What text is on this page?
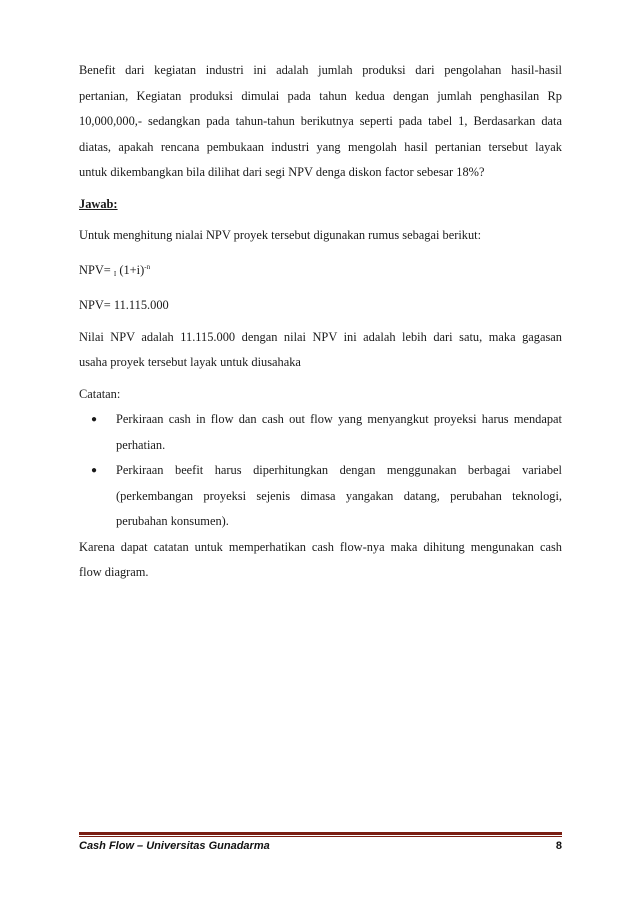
Benefit dari kegiatan industri ini adalah jumlah produksi dari pengolahan hasil-hasil
pertanian, Kegiatan produksi dimulai pada tahun kedua dengan jumlah penghasilan Rp
10,000,000,- sedangkan pada tahun-tahun berikutnya seperti pada tabel 1, Berdasarkan data
diatas, apakah rencana pembukaan industri yang mengolah hasil pertanian tersebut layak
untuk dikembangkan bila dilihat dari segi NPV denga diskon factor sebesar 18%?

Jawab:

Untuk menghitung nialai NPV proyek tersebut digunakan rumus sebagai berikut:

NPV= $_I$ $(1+i)^{-n}$

NPV= 11.115.000

Nilai NPV adalah 11.115.000 dengan nilai NPV ini adalah lebih dari satu, maka gagasan
usaha proyek tersebut layak untuk diusahaka

Catatan:

● Perkiraan cash in flow dan cash out flow yang menyangkut proyeksi harus mendapat
perhatian.
● Perkiraan beefit harus diperhitungkan dengan menggunakan berbagai variabel
(perkembangan proyeksi sejenis dimasa yangakan datang, perubahan teknologi,
perubahan konsumen).

Karena dapat catatan untuk memperhatikan cash flow-nya maka dihitung mengunakan cash
flow diagram.

Cash Flow – Universitas Gunadarma	8
